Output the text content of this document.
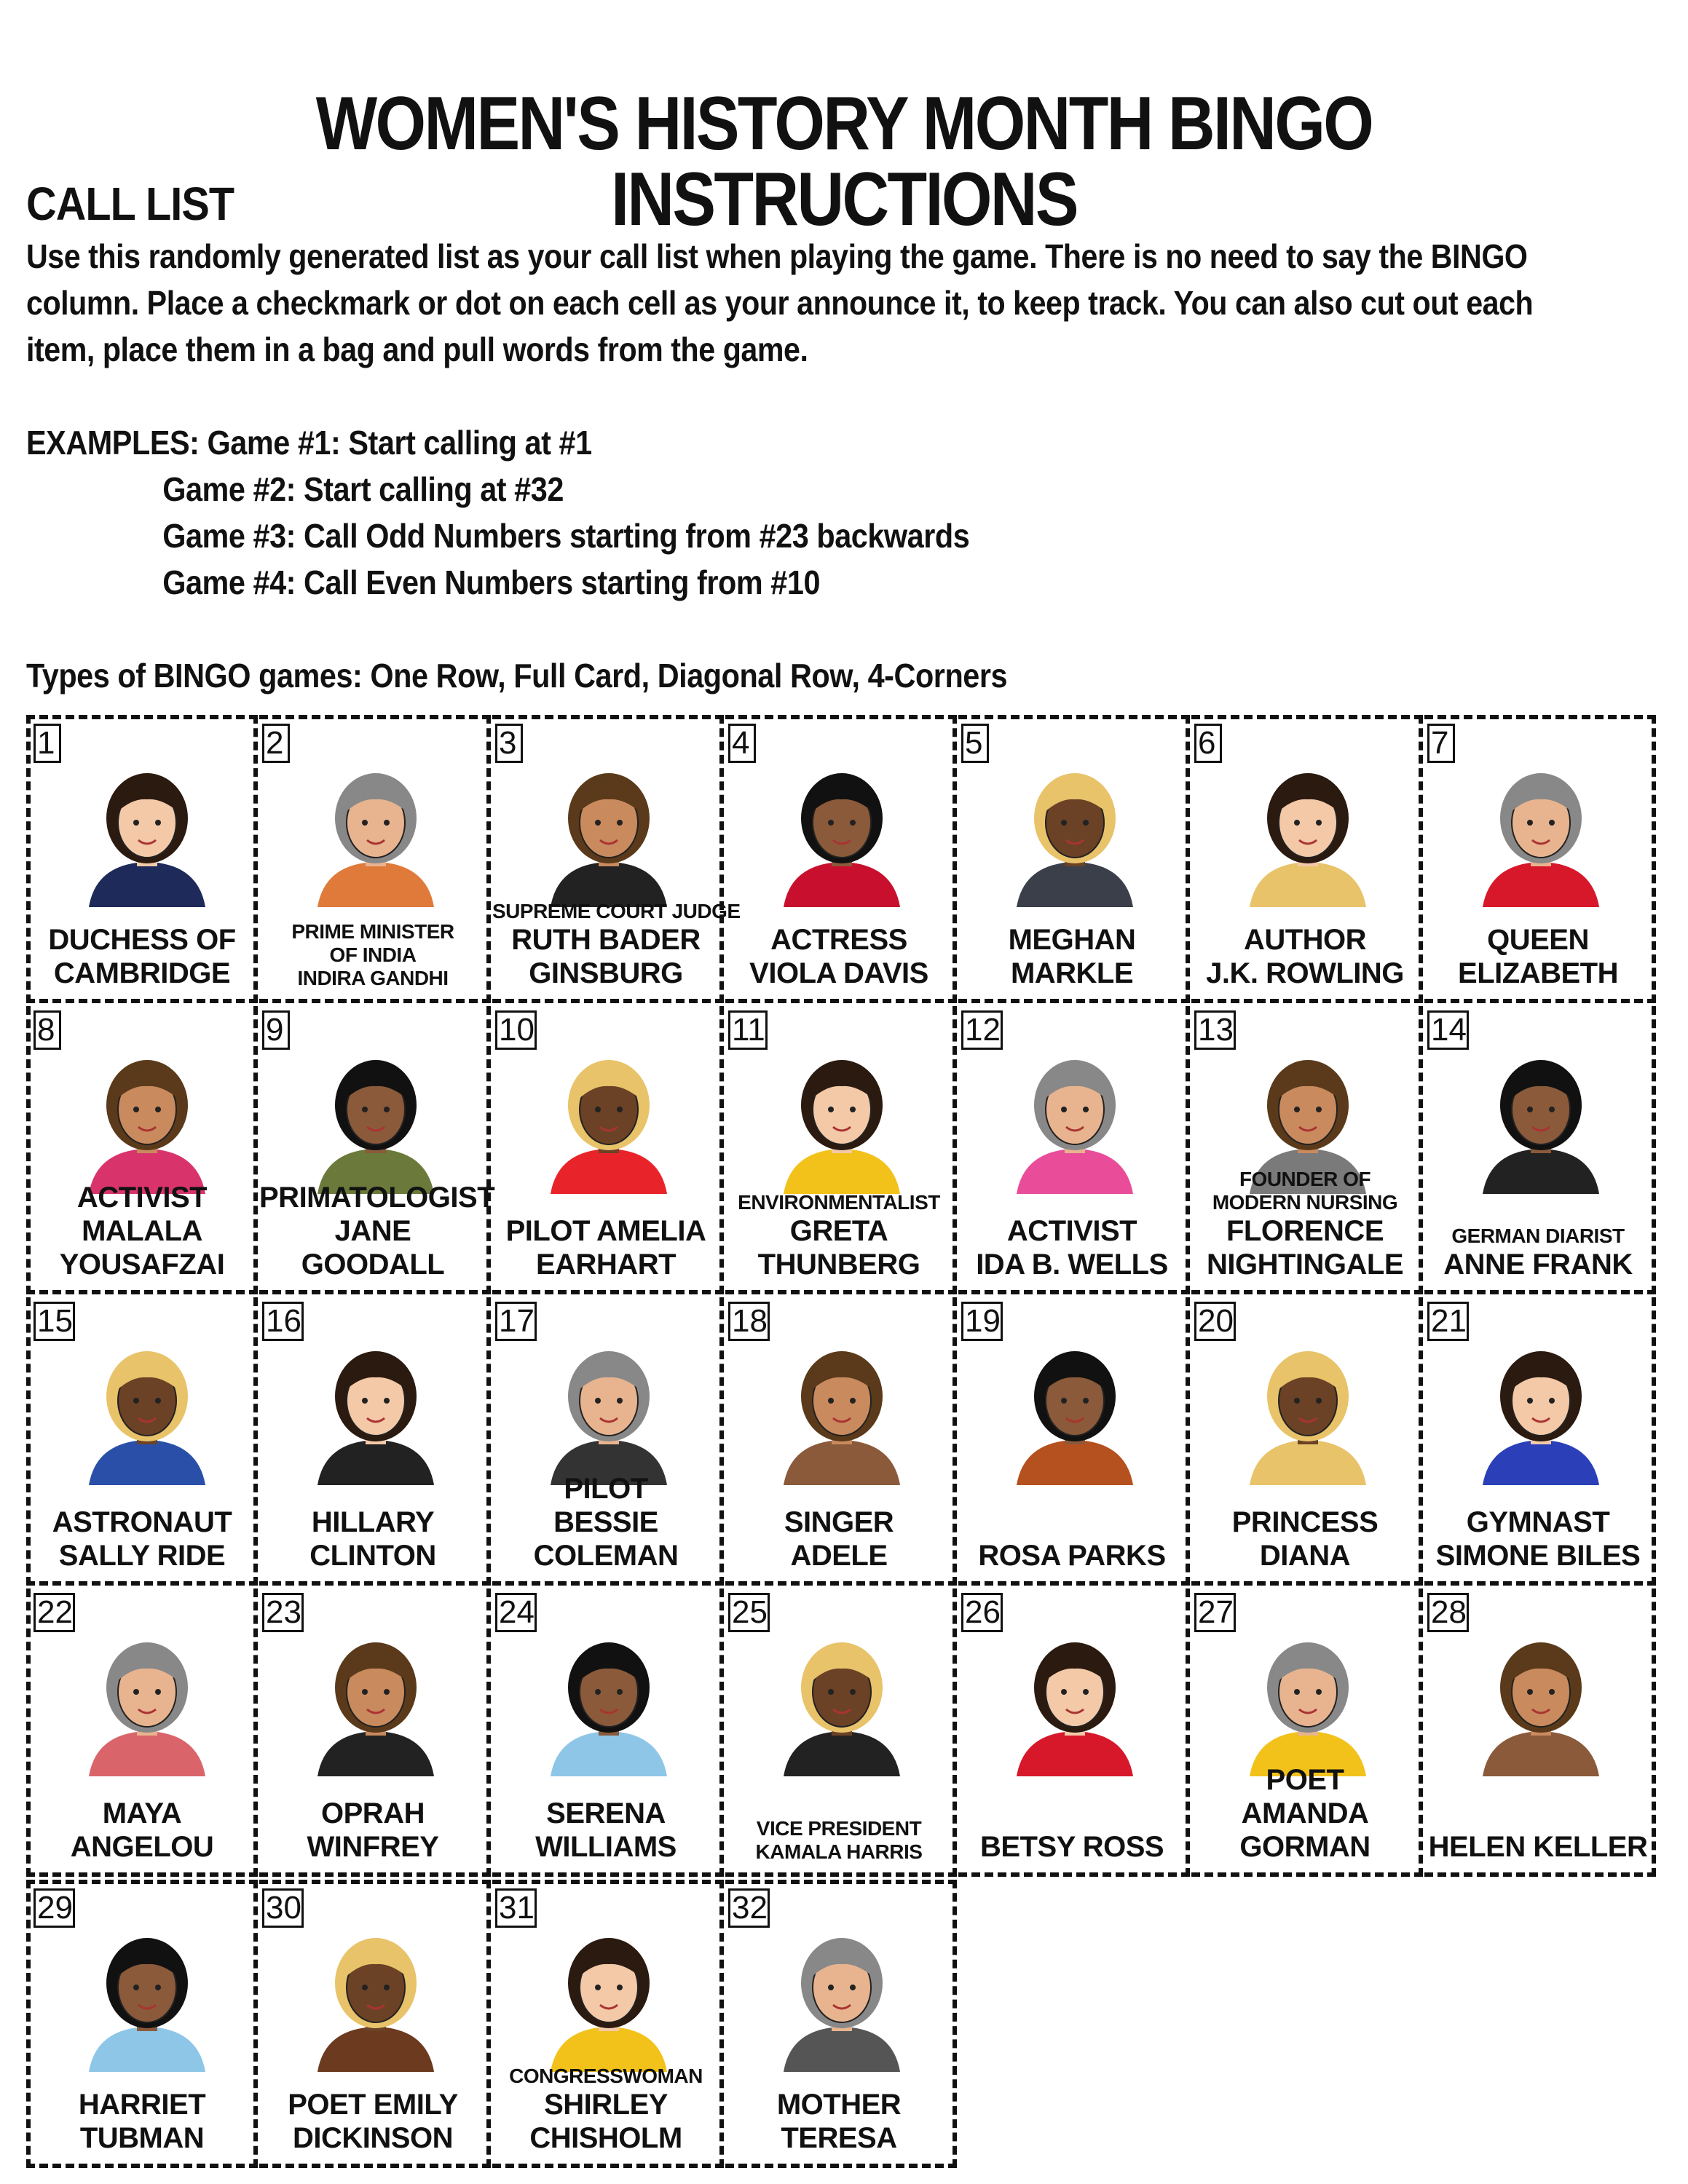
WOMEN'S HISTORY MONTH BINGO INSTRUCTIONS
CALL LIST
Use this randomly generated list as your call list when playing the game. There is no need to say the BINGO
column. Place a checkmark or dot on each cell as your announce it, to keep track. You can also cut out each
item, place them in a bag and pull words from the game.
EXAMPLES: Game #1: Start calling at #1
Game #2: Start calling at #32
Game #3: Call Odd Numbers starting from #23 backwards
Game #4: Call Even Numbers starting from #10
Types of BINGO games: One Row, Full Card, Diagonal Row, 4-Corners
1
DUCHESS OF
CAMBRIDGE
2
PRIME MINISTER
OF INDIA
INDIRA GANDHI
3
SUPREME COURT JUDGE
RUTH BADER
GINSBURG
4
ACTRESS
VIOLA DAVIS
5
MEGHAN
MARKLE
6
AUTHOR
J.K. ROWLING
7
QUEEN
ELIZABETH
8
ACTIVIST
MALALA
YOUSAFZAI
9
PRIMATOLOGIST
JANE
GOODALL
10
PILOT AMELIA
EARHART
11
ENVIRONMENTALIST
GRETA
THUNBERG
12
ACTIVIST
IDA B. WELLS
13
FOUNDER OF
MODERN NURSING
FLORENCE
NIGHTINGALE
14
GERMAN DIARIST
ANNE FRANK
15
ASTRONAUT
SALLY RIDE
16
HILLARY
CLINTON
17
PILOT
BESSIE
COLEMAN
18
SINGER
ADELE
19
ROSA PARKS
20
PRINCESS
DIANA
21
GYMNAST
SIMONE BILES
22
MAYA
ANGELOU
23
OPRAH
WINFREY
24
SERENA
WILLIAMS
25
VICE PRESIDENT
KAMALA HARRIS
26
BETSY ROSS
27
POET
AMANDA
GORMAN
28
HELEN KELLER
29
HARRIET
TUBMAN
30
POET EMILY
DICKINSON
31
CONGRESSWOMAN
SHIRLEY
CHISHOLM
32
MOTHER
TERESA
